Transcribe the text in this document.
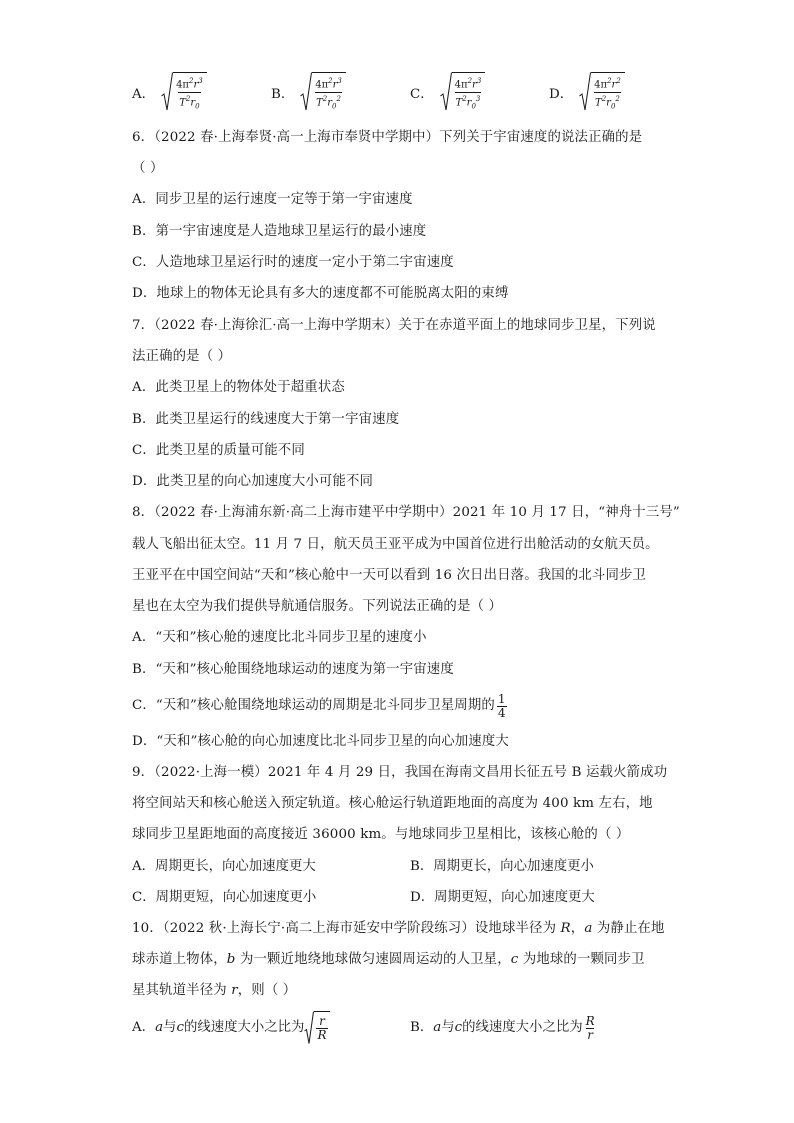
A． $\frac{4\pi^2r^3}{T^2r_0}$	B． $\frac{4\pi^2r^3}{T^2r_0^2}$	C． $\frac{4\pi^2r^3}{T^2r_0^3}$	D． $\frac{4\pi^2r^2}{T^2r_0^2}$
6．（2022 春·上海奉贤·高一上海市奉贤中学期中）下列关于宇宙速度的说法正确的是
（ ）
A．同步卫星的运行速度一定等于第一宇宙速度
B．第一宇宙速度是人造地球卫星运行的最小速度
C．人造地球卫星运行时的速度一定小于第二宇宙速度
D．地球上的物体无论具有多大的速度都不可能脱离太阳的束缚
7．（2022 春·上海徐汇·高一上海中学期末）关于在赤道平面上的地球同步卫星，下列说
法正确的是（ ）
A．此类卫星上的物体处于超重状态
B．此类卫星运行的线速度大于第一宇宙速度
C．此类卫星的质量可能不同
D．此类卫星的向心加速度大小可能不同
8．（2022 春·上海浦东新·高二上海市建平中学期中）2021 年 10 月 17 日，“神舟十三号”
载人飞船出征太空。11 月 7 日，航天员王亚平成为中国首位进行出舱活动的女航天员。
王亚平在中国空间站“天和”核心舱中一天可以看到 16 次日出日落。我国的北斗同步卫
星也在太空为我们提供导航通信服务。下列说法正确的是（ ）
A．“天和”核心舱的速度比北斗同步卫星的速度小
B．“天和”核心舱围绕地球运动的速度为第一宇宙速度
C．“天和”核心舱围绕地球运动的周期是北斗同步卫星周期的 $\frac{1}{4}$
D．“天和”核心舱的向心加速度比北斗同步卫星的向心加速度大
9．（2022·上海一模）2021 年 4 月 29 日，我国在海南文昌用长征五号 B 运载火箭成功
将空间站天和核心舱送入预定轨道。核心舱运行轨道距地面的高度为 400 km 左右，地
球同步卫星距地面的高度接近 36000 km。与地球同步卫星相比，该核心舱的（ ）
A．周期更长，向心加速度更大	B．周期更长，向心加速度更小
C．周期更短，向心加速度更小	D．周期更短，向心加速度更大
10．（2022 秋·上海长宁·高二上海市延安中学阶段练习）设地球半径为 R，a 为静止在地
球赤道上物体，b 为一颗近地绕地球做匀速圆周运动的人卫星，c 为地球的一颗同步卫
星其轨道半径为 r，则（ ）
A． a 与 c 的线速度大小之比为 $\frac{r}{R}$	B． a 与 c 的线速度大小之比为 $\frac{R}{r}$
